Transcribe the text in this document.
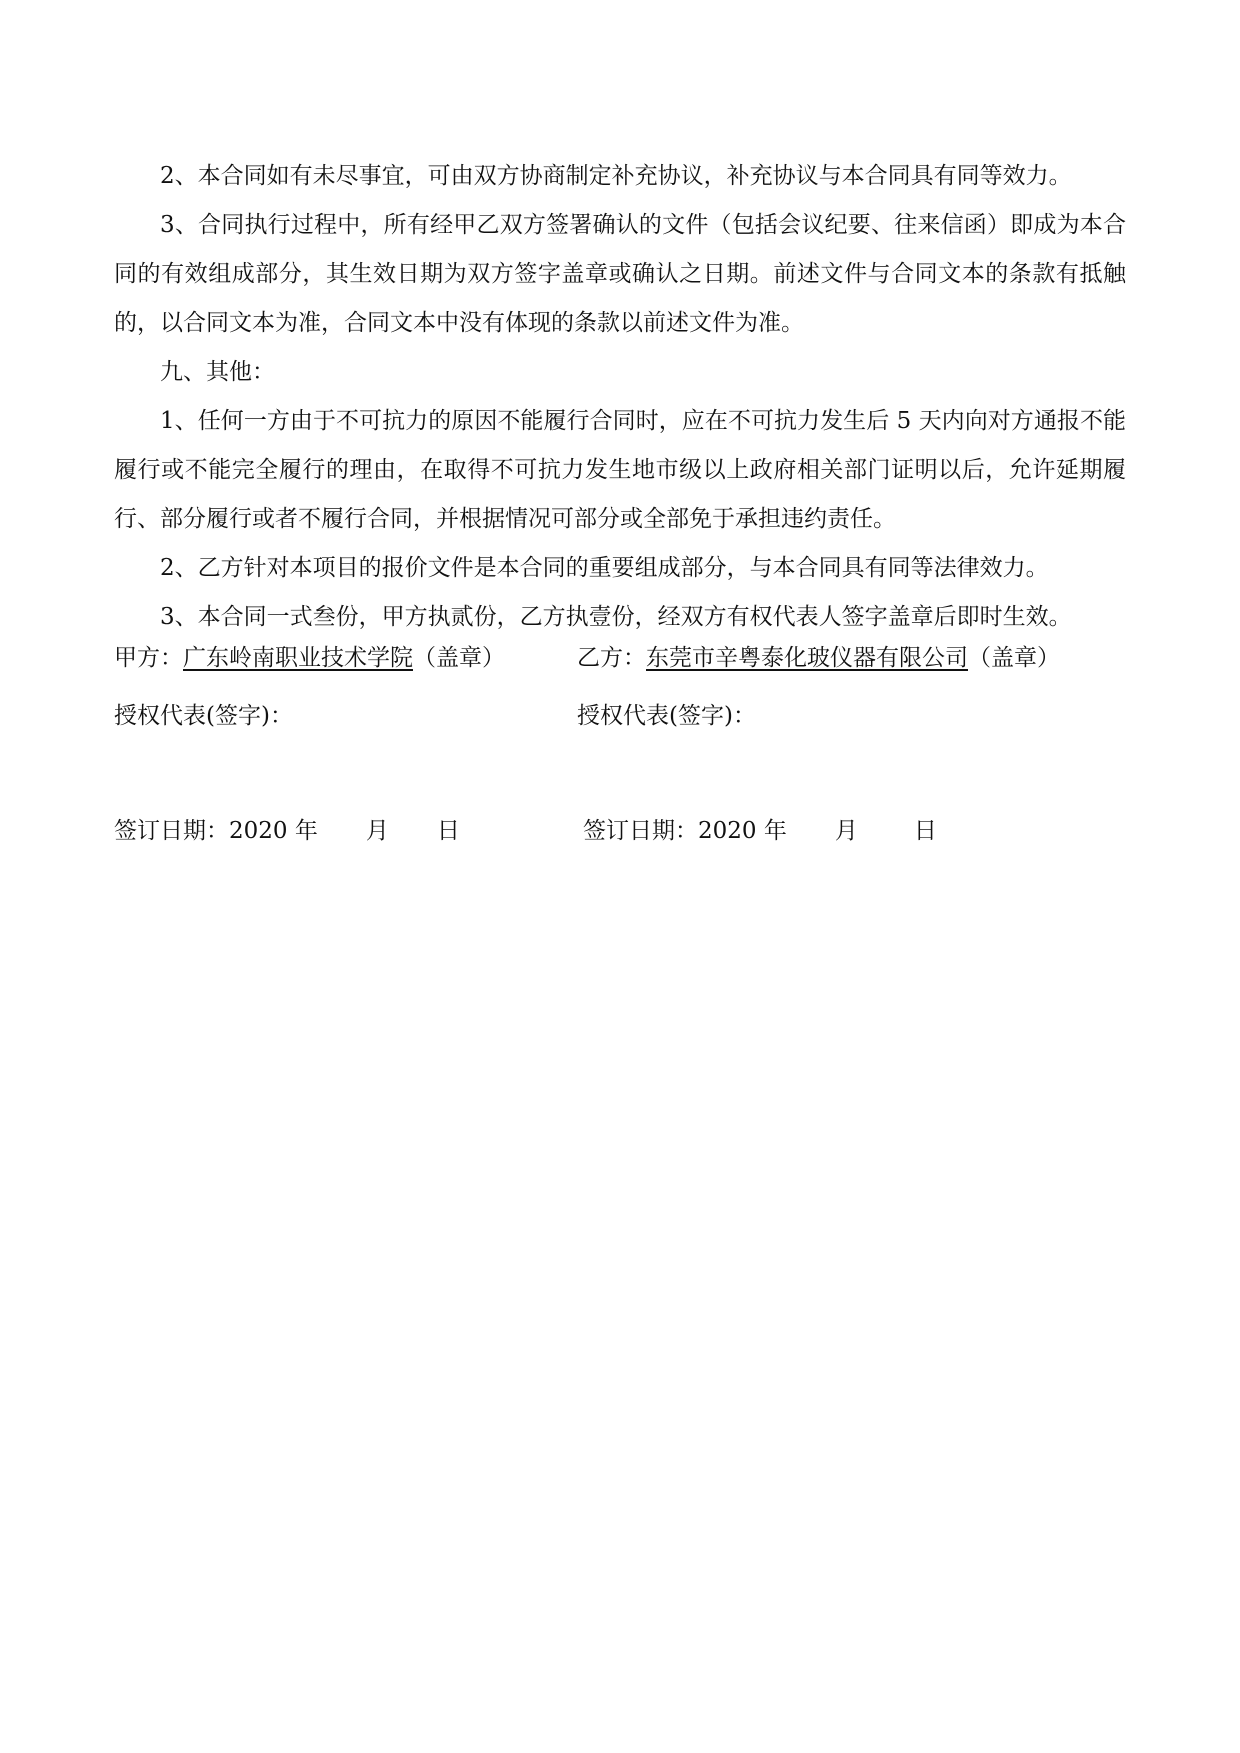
2、本合同如有未尽事宜，可由双方协商制定补充协议，补充协议与本合同具有同等效力。

3、合同执行过程中，所有经甲乙双方签署确认的文件（包括会议纪要、往来信函）即成为本合同的有效组成部分，其生效日期为双方签字盖章或确认之日期。前述文件与合同文本的条款有抵触的，以合同文本为准，合同文本中没有体现的条款以前述文件为准。

九、其他：

1、任何一方由于不可抗力的原因不能履行合同时，应在不可抗力发生后 5 天内向对方通报不能履行或不能完全履行的理由，在取得不可抗力发生地市级以上政府相关部门证明以后，允许延期履行、部分履行或者不履行合同，并根据情况可部分或全部免于承担违约责任。

2、乙方针对本项目的报价文件是本合同的重要组成部分，与本合同具有同等法律效力。

3、本合同一式叁份，甲方执贰份，乙方执壹份，经双方有权代表人签字盖章后即时生效。

甲方：广东岭南职业技术学院（盖章）
授权代表(签字)：
签订日期：2020 年 月 日
乙方：东莞市辛粤泰化玻仪器有限公司（盖章）
授权代表(签字)：
签订日期：2020 年 月 日
